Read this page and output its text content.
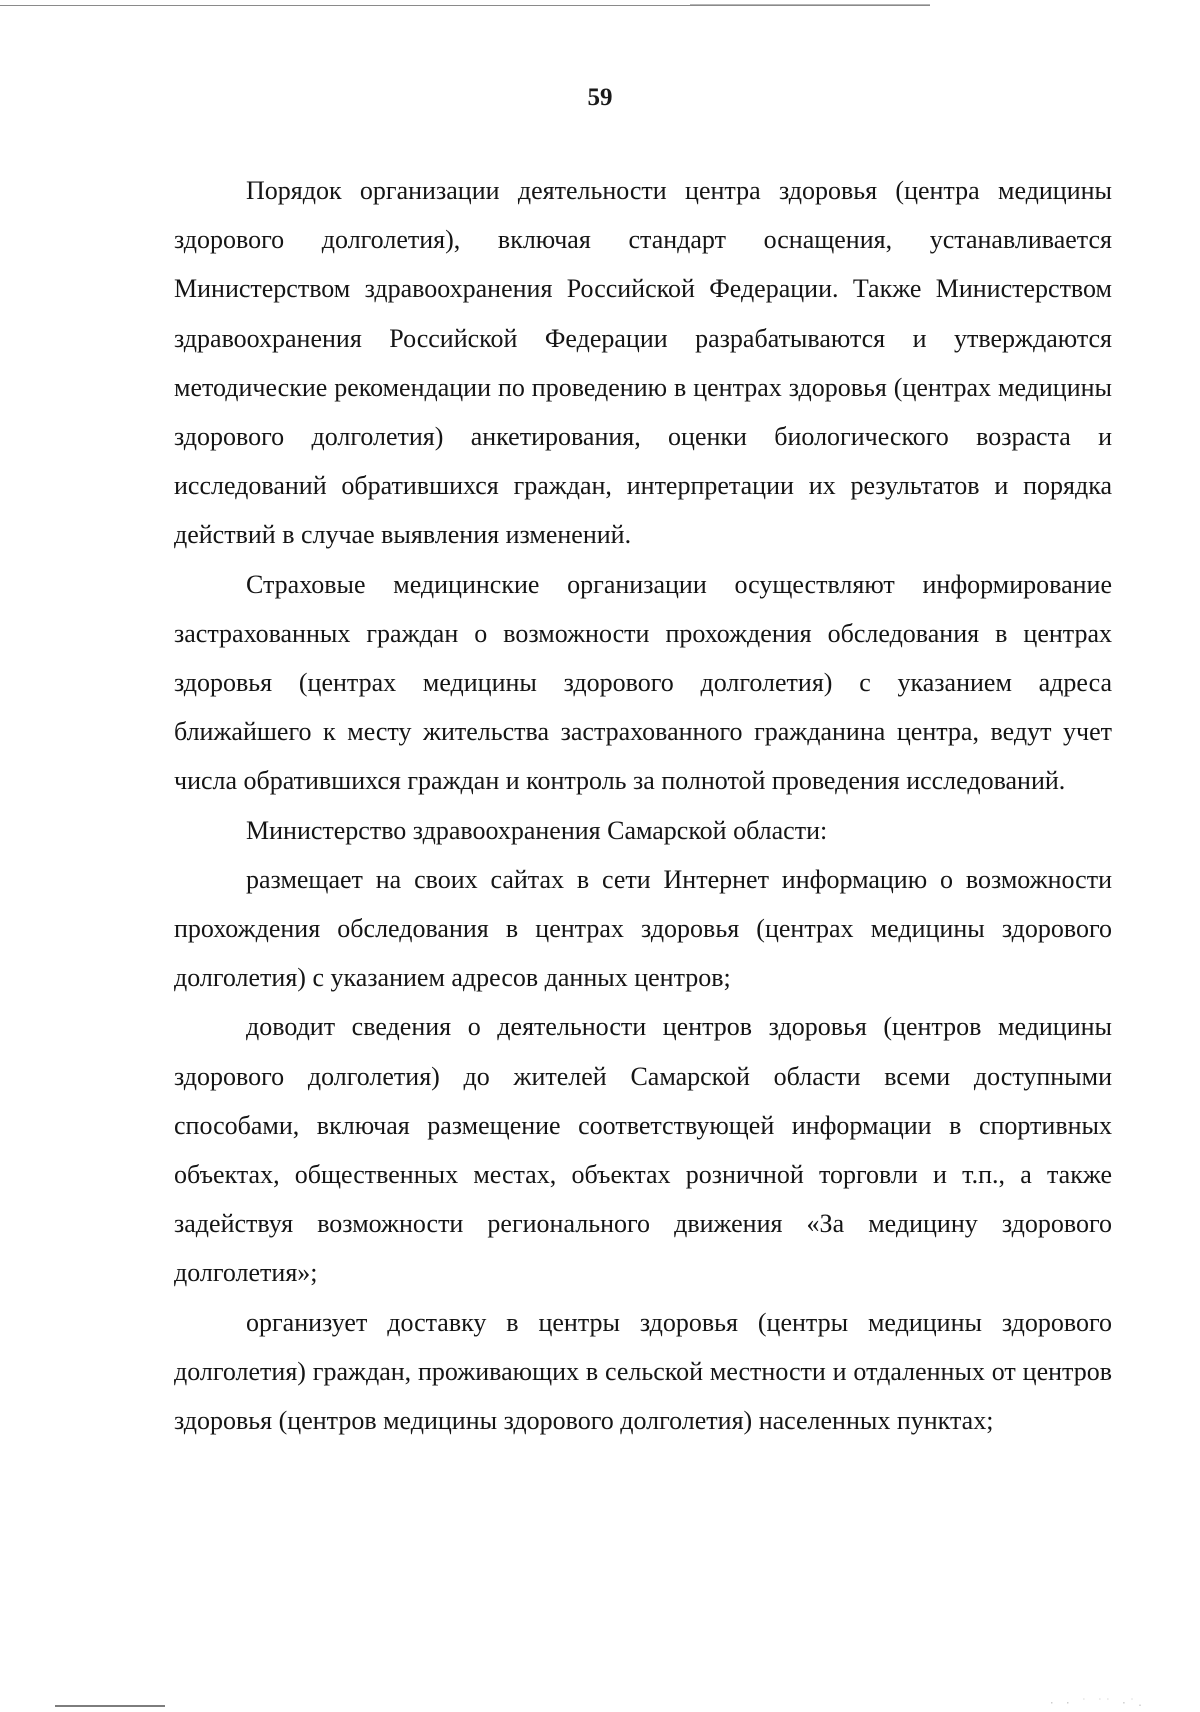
59

Порядок организации деятельности центра здоровья (центра медицины здорового долголетия), включая стандарт оснащения, устанавливается Министерством здравоохранения Российской Федерации. Также Министерством здравоохранения Российской Федерации разрабатываются и утверждаются методические рекомендации по проведению в центрах здоровья (центрах медицины здорового долголетия) анкетирования, оценки биологического возраста и исследований обратившихся граждан, интерпретации их результатов и порядка действий в случае выявления изменений.

Страховые медицинские организации осуществляют информирование застрахованных граждан о возможности прохождения обследования в центрах здоровья (центрах медицины здорового долголетия) с указанием адреса ближайшего к месту жительства застрахованного гражданина центра, ведут учет числа обратившихся граждан и контроль за полнотой проведения исследований.

Министерство здравоохранения Самарской области:

размещает на своих сайтах в сети Интернет информацию о возможности прохождения обследования в центрах здоровья (центрах медицины здорового долголетия) с указанием адресов данных центров;

доводит сведения о деятельности центров здоровья (центров медицины здорового долголетия) до жителей Самарской области всеми доступными способами, включая размещение соответствующей информации в спортивных объектах, общественных местах, объектах розничной торговли и т.п., а также задействуя возможности регионального движения «За медицину здорового долголетия»;

организует доставку в центры здоровья (центры медицины здорового долголетия) граждан, проживающих в сельской местности и отдаленных от центров здоровья (центров медицины здорового долголетия) населенных пунктах;

· · ˙ ˙˙ ·˙.
